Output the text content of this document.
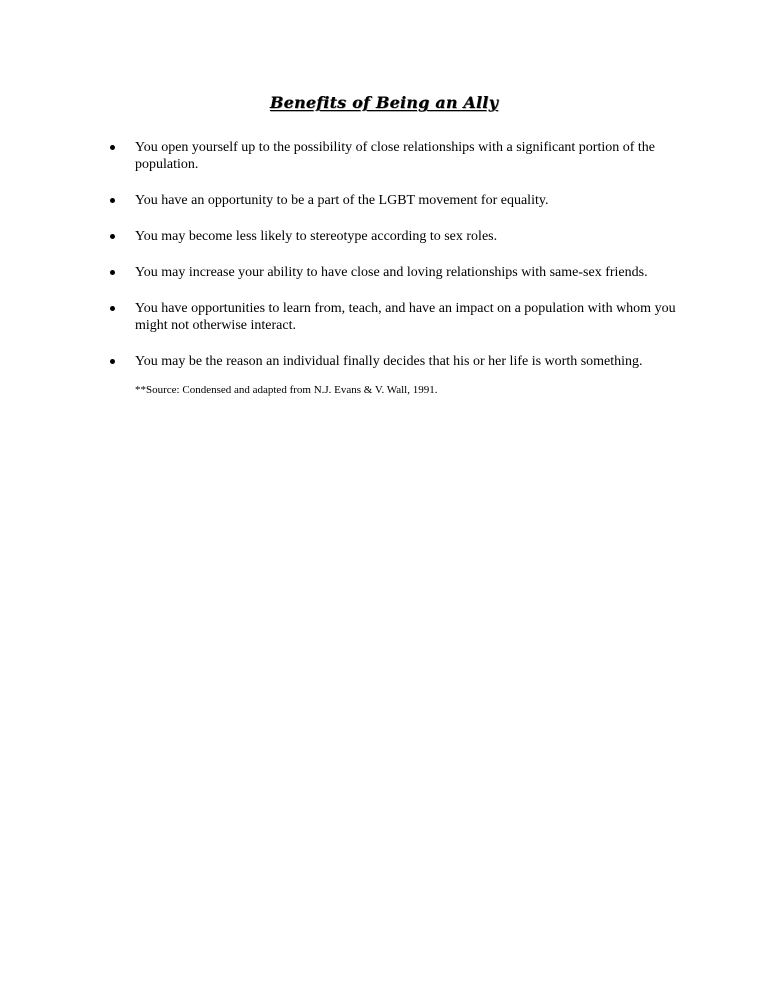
Benefits of Being an Ally
You open yourself up to the possibility of close relationships with a significant portion of the population.
You have an opportunity to be a part of the LGBT movement for equality.
You may become less likely to stereotype according to sex roles.
You may increase your ability to have close and loving relationships with same-sex friends.
You have opportunities to learn from, teach, and have an impact on a population with whom you might not otherwise interact.
You may be the reason an individual finally decides that his or her life is worth something.
**Source: Condensed and adapted from N.J. Evans & V. Wall, 1991.
